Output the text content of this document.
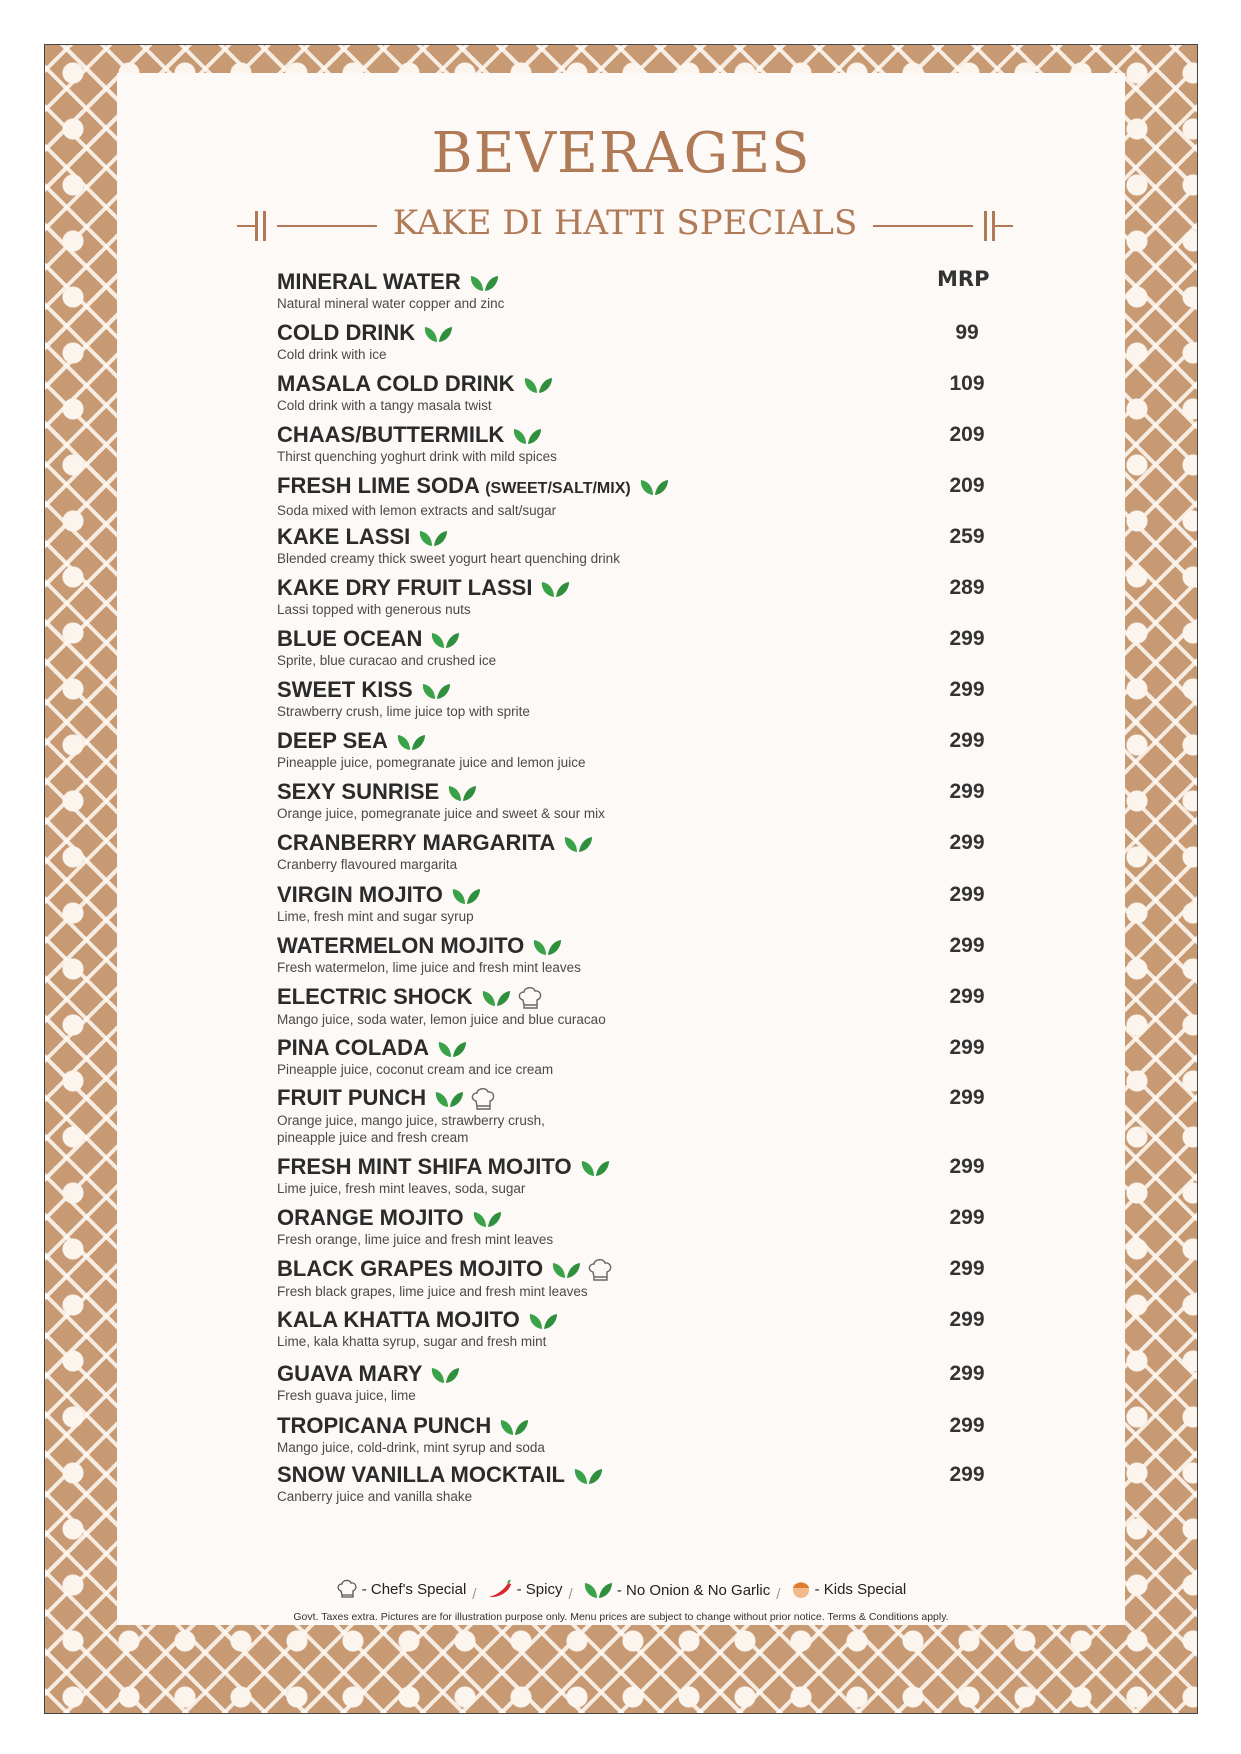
BEVERAGES
KAKE DI HATTI SPECIALS
MRP
MINERAL WATER
Natural mineral water copper and zinc
COLD DRINK
Cold drink with ice
99
MASALA COLD DRINK
Cold drink with a tangy masala twist
109
CHAAS/BUTTERMILK
Thirst quenching yoghurt drink with mild spices
209
FRESH LIME SODA (SWEET/SALT/MIX)
Soda mixed with lemon extracts and salt/sugar
209
KAKE LASSI
Blended creamy thick sweet yogurt heart quenching drink
259
KAKE DRY FRUIT LASSI
Lassi topped with generous nuts
289
BLUE OCEAN
Sprite, blue curacao and crushed ice
299
SWEET KISS
Strawberry crush, lime juice top with sprite
299
DEEP SEA
Pineapple juice, pomegranate juice and lemon juice
299
SEXY SUNRISE
Orange juice, pomegranate juice and sweet & sour mix
299
CRANBERRY MARGARITA
Cranberry flavoured margarita
299
VIRGIN MOJITO
Lime, fresh mint and sugar syrup
299
WATERMELON MOJITO
Fresh watermelon, lime juice and fresh mint leaves
299
ELECTRIC SHOCK
Mango juice, soda water, lemon juice and blue curacao
299
PINA COLADA
Pineapple juice, coconut cream and ice cream
299
FRUIT PUNCH
Orange juice, mango juice, strawberry crush,
pineapple juice and fresh cream
299
FRESH MINT SHIFA MOJITO
Lime juice, fresh mint leaves, soda, sugar
299
ORANGE MOJITO
Fresh orange, lime juice and fresh mint leaves
299
BLACK GRAPES MOJITO
Fresh black grapes, lime juice and fresh mint leaves
299
KALA KHATTA MOJITO
Lime, kala khatta syrup, sugar and fresh mint
299
GUAVA MARY
Fresh guava juice, lime
299
TROPICANA PUNCH
Mango juice, cold-drink, mint syrup and soda
299
SNOW VANILLA MOCKTAIL
Canberry juice and vanilla shake
299
- Chef's Special /	- Spicy /	- No Onion & No Garlic / - Kids Special
Govt. Taxes extra. Pictures are for illustration purpose only. Menu prices are subject to change without prior notice. Terms & Conditions apply.
